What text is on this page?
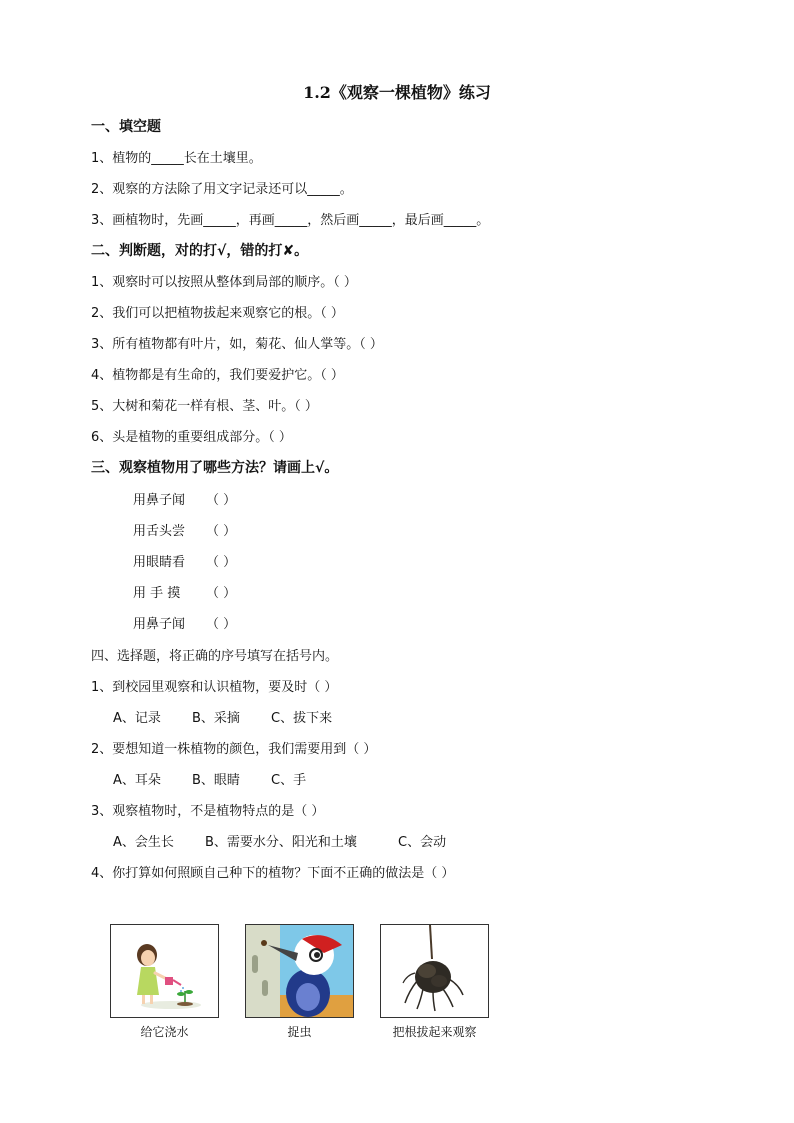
1.2《观察一棵植物》练习
一、填空题
1、植物的_____长在土壤里。
2、观察的方法除了用文字记录还可以_____。
3、画植物时，先画_____，再画_____，然后画_____，最后画_____。
二、判断题，对的打√，错的打✘。
1、观察时可以按照从整体到局部的顺序。（ ）
2、我们可以把植物拔起来观察它的根。（ ）
3、所有植物都有叶片，如，菊花、仙人掌等。（ ）
4、植物都是有生命的，我们要爱护它。（ ）
5、大树和菊花一样有根、茎、叶。（ ）
6、头是植物的重要组成部分。（ ）
三、观察植物用了哪些方法？请画上√。
用鼻子闻 （ ）
用舌头尝 （ ）
用眼睛看 （ ）
用 手 摸 （ ）
用鼻子闻 （ ）
四、选择题，将正确的序号填写在括号内。
1、到校园里观察和认识植物，要及时（ ）
A、记录 B、采摘 C、拔下来
2、要想知道一株植物的颜色，我们需要用到（ ）
A、耳朵 B、眼睛 C、手
3、观察植物时，不是植物特点的是（ ）
A、会生长 B、需要水分、阳光和土壤	C、会动
4、你打算如何照顾自己种下的植物？下面不正确的做法是（ ）
给它浇水	捉虫	把根拔起来观察
